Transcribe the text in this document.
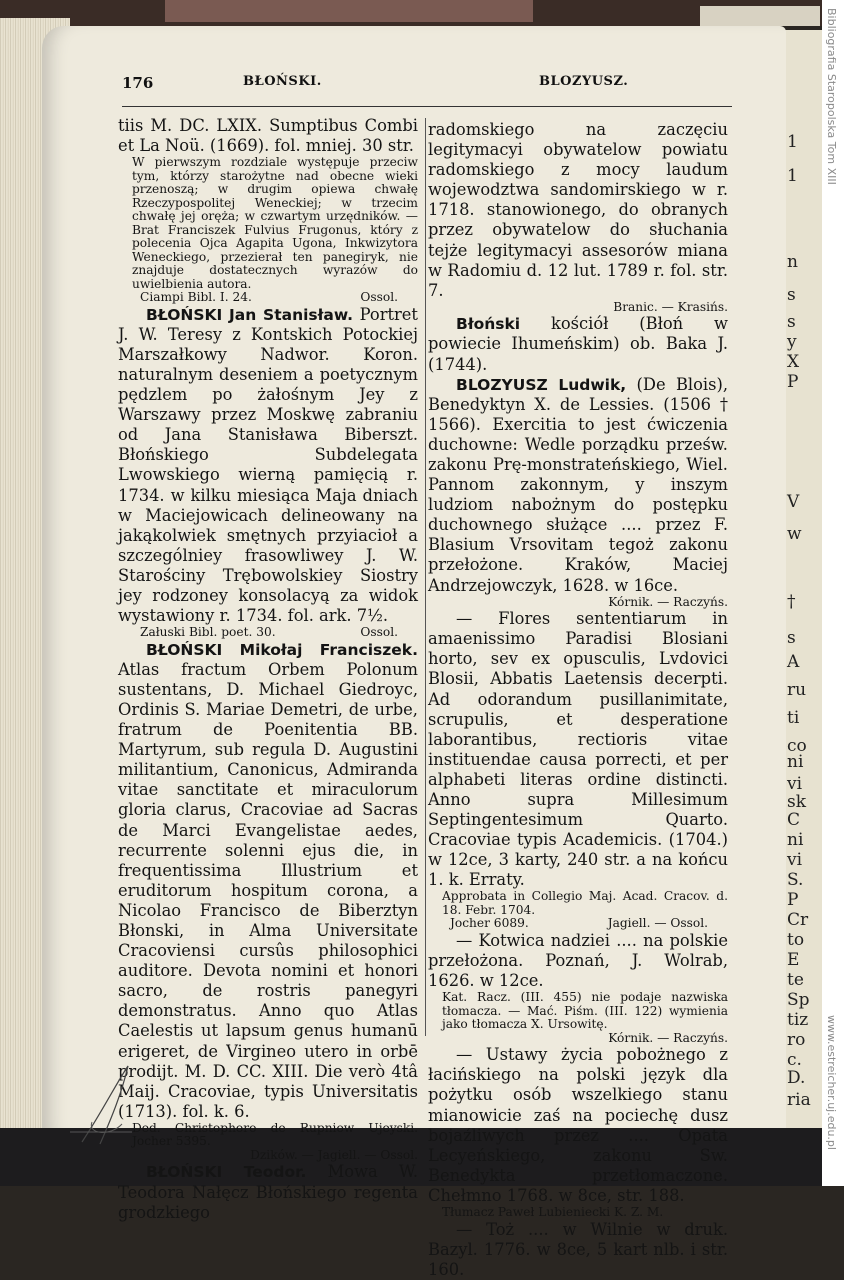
Bibliografia Staropolska Tom XIII
www.estreicher.uj.edu.pl
1
1
n
s
s
y
X
P
V
w
†
s
A
ru
ti
co
ni
vi
sk
C
ni
vi
S.
P
Cr
to
E
te
Sp
tiz
ro
c.
D.
ria
176	BŁOŃSKI.	BLOZYUSZ.

tiis M. DC. LXIX. Sumptibus Combi et La Noü. (1669). fol. mniej. 30 str.

W pierwszym rozdziale występuje przeciw tym, którzy starożytne nad obecne wieki przenoszą; w drugim opiewa chwałę Rzeczypospolitej Weneckiej; w trzecim chwałę jej oręża; w czwartym urzędników. — Brat Franciszek Fulvius Frugonus, który z polecenia Ojca Agapita Ugona, Inkwizytora Weneckiego, przezierał ten panegiryk, nie znajduje dostatecznych wyrazów do uwielbienia autora.

Ciampi Bibl. I. 24.	Ossol.

BŁOŃSKI Jan Stanisław. Portret J. W. Teresy z Kontskich Potockiej Marszałkowy Nadwor. Koron. naturalnym deseniem a poetycznym pędzlem po żałośnym Jey z Warszawy przez Moskwę zabraniu od Jana Stanisława Biberszt. Błońskiego Subdelegata Lwowskiego wierną pamięcią r. 1734. w kilku miesiąca Maja dniach w Maciejowicach delineowany na jakąkolwiek smętnych przyiacioł a szczególniey frasowliwey J. W. Starościny Trębowolskiey Siostry jey rodzoney konsolacyą za widok wystawiony r. 1734. fol. ark. 7½.

Załuski Bibl. poet. 30.	Ossol.

BŁOŃSKI Mikołaj Franciszek. Atlas fractum Orbem Polonum sustentans, D. Michael Giedroyc, Ordinis S. Mariae Demetri, de urbe, fratrum de Poenitentia BB. Martyrum, sub regula D. Augustini militantium, Canonicus, Admiranda vitae sanctitate et miraculorum gloria clarus, Cracoviae ad Sacras de Marci Evangelistae aedes, recurrente solenni ejus die, in frequentissima Illustrium et eruditorum hospitum corona, a Nicolao Francisco de Biberztyn Błonski, in Alma Universitate Cracoviensi cursûs philosophici auditore. Devota nomini et honori sacro, de rostris panegyri demonstratus. Anno quo Atlas Caelestis ut lapsum genus humanū erigeret, de Virgineo utero in orbē prodijt. M. D. CC. XIII. Die verò 4tâ Maij. Cracoviae, typis Universitatis (1713). fol. k. 6.

Ded. Christophoro de Rupniow Ujeyski. Jocher 5395.

Dzików. — Jagiell. — Ossol.

BŁOŃSKI Teodor. Mowa W. Teodora Nałęcz Błońskiego regenta grodzkiego

radomskiego na zaczęciu legitymacyi obywatelow powiatu radomskiego z mocy laudum wojewodztwa sandomirskiego w r. 1718. stanowionego, do obranych przez obywatelow do słuchania tejże legitymacyi assesorów miana w Radomiu d. 12 lut. 1789 r. fol. str. 7.

Branic. — Krasińs.

Błoński kościół (Błoń w powiecie Ihumeńskim) ob. Baka J. (1744).

BLOZYUSZ Ludwik, (De Blois), Benedyktyn X. de Lessies. (1506 † 1566). Exercitia to jest ćwiczenia duchowne: Wedle porządku prześw. zakonu Prę-monstrateńskiego, Wiel. Pannom zakonnym, y inszym ludziom nabożnym do postępku duchownego służące .... przez F. Blasium Vrsovitam tegoż zakonu przełożone. Kraków, Maciej Andrzejowczyk, 1628. w 16ce.

Kórnik. — Raczyńs.

— Flores sententiarum in amaenissimo Paradisi Blosiani horto, sev ex opusculis, Lvdovici Blosii, Abbatis Laetensis decerpti. Ad odorandum pusillanimitate, scrupulis, et desperatione laborantibus, rectioris vitae instituendae causa porrecti, et per alphabeti literas ordine distincti. Anno supra Millesimum Septingentesimum Quarto. Cracoviae typis Academicis. (1704.) w 12ce, 3 karty, 240 str. a na końcu 1. k. Erraty.

Approbata in Collegio Maj. Acad. Cracov. d. 18. Febr. 1704.

Jocher 6089.	Jagiell. — Ossol.

— Kotwica nadziei .... na polskie przełożona. Poznań, J. Wolrab, 1626. w 12ce.

Kat. Racz. (III. 455) nie podaje nazwiska tłomacza. — Mać. Piśm. (III. 122) wymienia jako tłomacza X. Ursowitę.

Kórnik. — Raczyńs.

— Ustawy życia pobożnego z łacińskiego na polski język dla pożytku osób wszelkiego stanu mianowicie zaś na pociechę dusz bojaźliwych przez .... Opata Lecyeńskiego, zakonu Sw. Benedykta przetłomaczone. Chełmno 1768. w 8ce, str. 188.

Tłumacz Paweł Lubieniecki K. Z. M.

— Toż .... w Wilnie w druk. Bazyl. 1776. w 8ce, 5 kart nlb. i str. 160.
